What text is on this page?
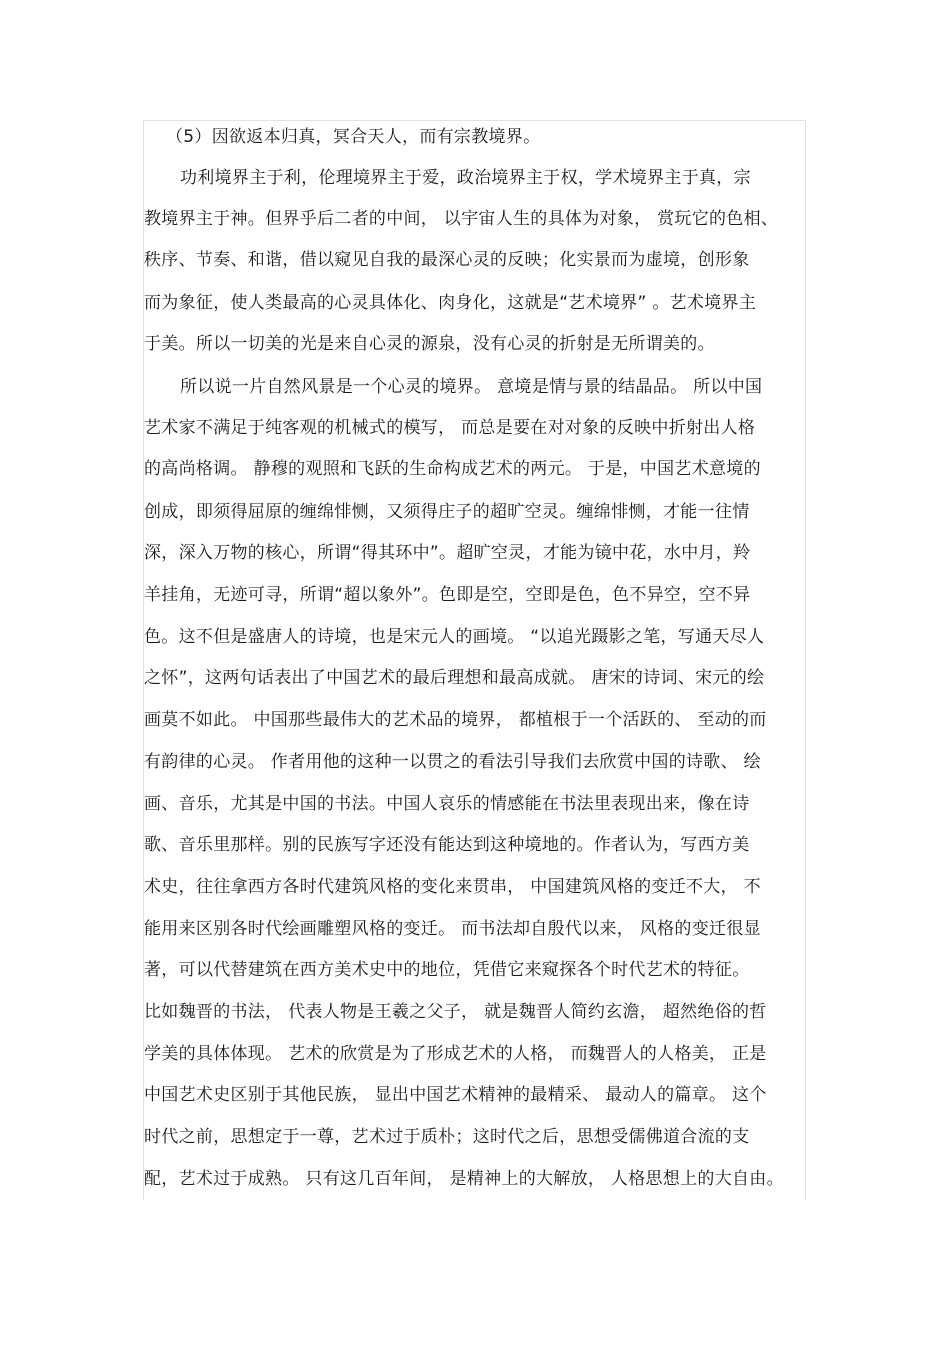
（5）因欲返本归真，冥合天人，而有宗教境界。
功利境界主于利，伦理境界主于爱，政治境界主于权，学术境界主于真，宗
教境界主于神。但界乎后二者的中间， 以宇宙人生的具体为对象， 赏玩它的色相、
秩序、节奏、和谐，借以窥见自我的最深心灵的反映；化实景而为虚境，创形象
而为象征，使人类最高的心灵具体化、肉身化，这就是“艺术境界” 。艺术境界主
于美。所以一切美的光是来自心灵的源泉，没有心灵的折射是无所谓美的。
所以说一片自然风景是一个心灵的境界。 意境是情与景的结晶品。 所以中国
艺术家不满足于纯客观的机械式的模写， 而总是要在对对象的反映中折射出人格
的高尚格调。 静穆的观照和飞跃的生命构成艺术的两元。 于是，中国艺术意境的
创成，即须得屈原的缠绵悱恻，又须得庄子的超旷空灵。缠绵悱恻，才能一往情
深，深入万物的核心，所谓“得其环中”。超旷空灵，才能为镜中花，水中月，羚
羊挂角，无迹可寻，所谓“超以象外”。色即是空，空即是色，色不异空，空不异
色。这不但是盛唐人的诗境，也是宋元人的画境。 “以追光蹑影之笔，写通天尽人
之怀”，这两句话表出了中国艺术的最后理想和最高成就。 唐宋的诗词、宋元的绘
画莫不如此。 中国那些最伟大的艺术品的境界， 都植根于一个活跃的、 至动的而
有韵律的心灵。 作者用他的这种一以贯之的看法引导我们去欣赏中国的诗歌、 绘
画、音乐，尤其是中国的书法。中国人哀乐的情感能在书法里表现出来，像在诗
歌、音乐里那样。别的民族写字还没有能达到这种境地的。作者认为，写西方美
术史，往往拿西方各时代建筑风格的变化来贯串， 中国建筑风格的变迁不大， 不
能用来区别各时代绘画雕塑风格的变迁。 而书法却自殷代以来， 风格的变迁很显
著，可以代替建筑在西方美术史中的地位，凭借它来窥探各个时代艺术的特征。
比如魏晋的书法， 代表人物是王羲之父子， 就是魏晋人简约玄澹， 超然绝俗的哲
学美的具体体现。 艺术的欣赏是为了形成艺术的人格， 而魏晋人的人格美， 正是
中国艺术史区别于其他民族， 显出中国艺术精神的最精采、 最动人的篇章。 这个
时代之前，思想定于一尊，艺术过于质朴；这时代之后，思想受儒佛道合流的支
配，艺术过于成熟。 只有这几百年间， 是精神上的大解放， 人格思想上的大自由。
